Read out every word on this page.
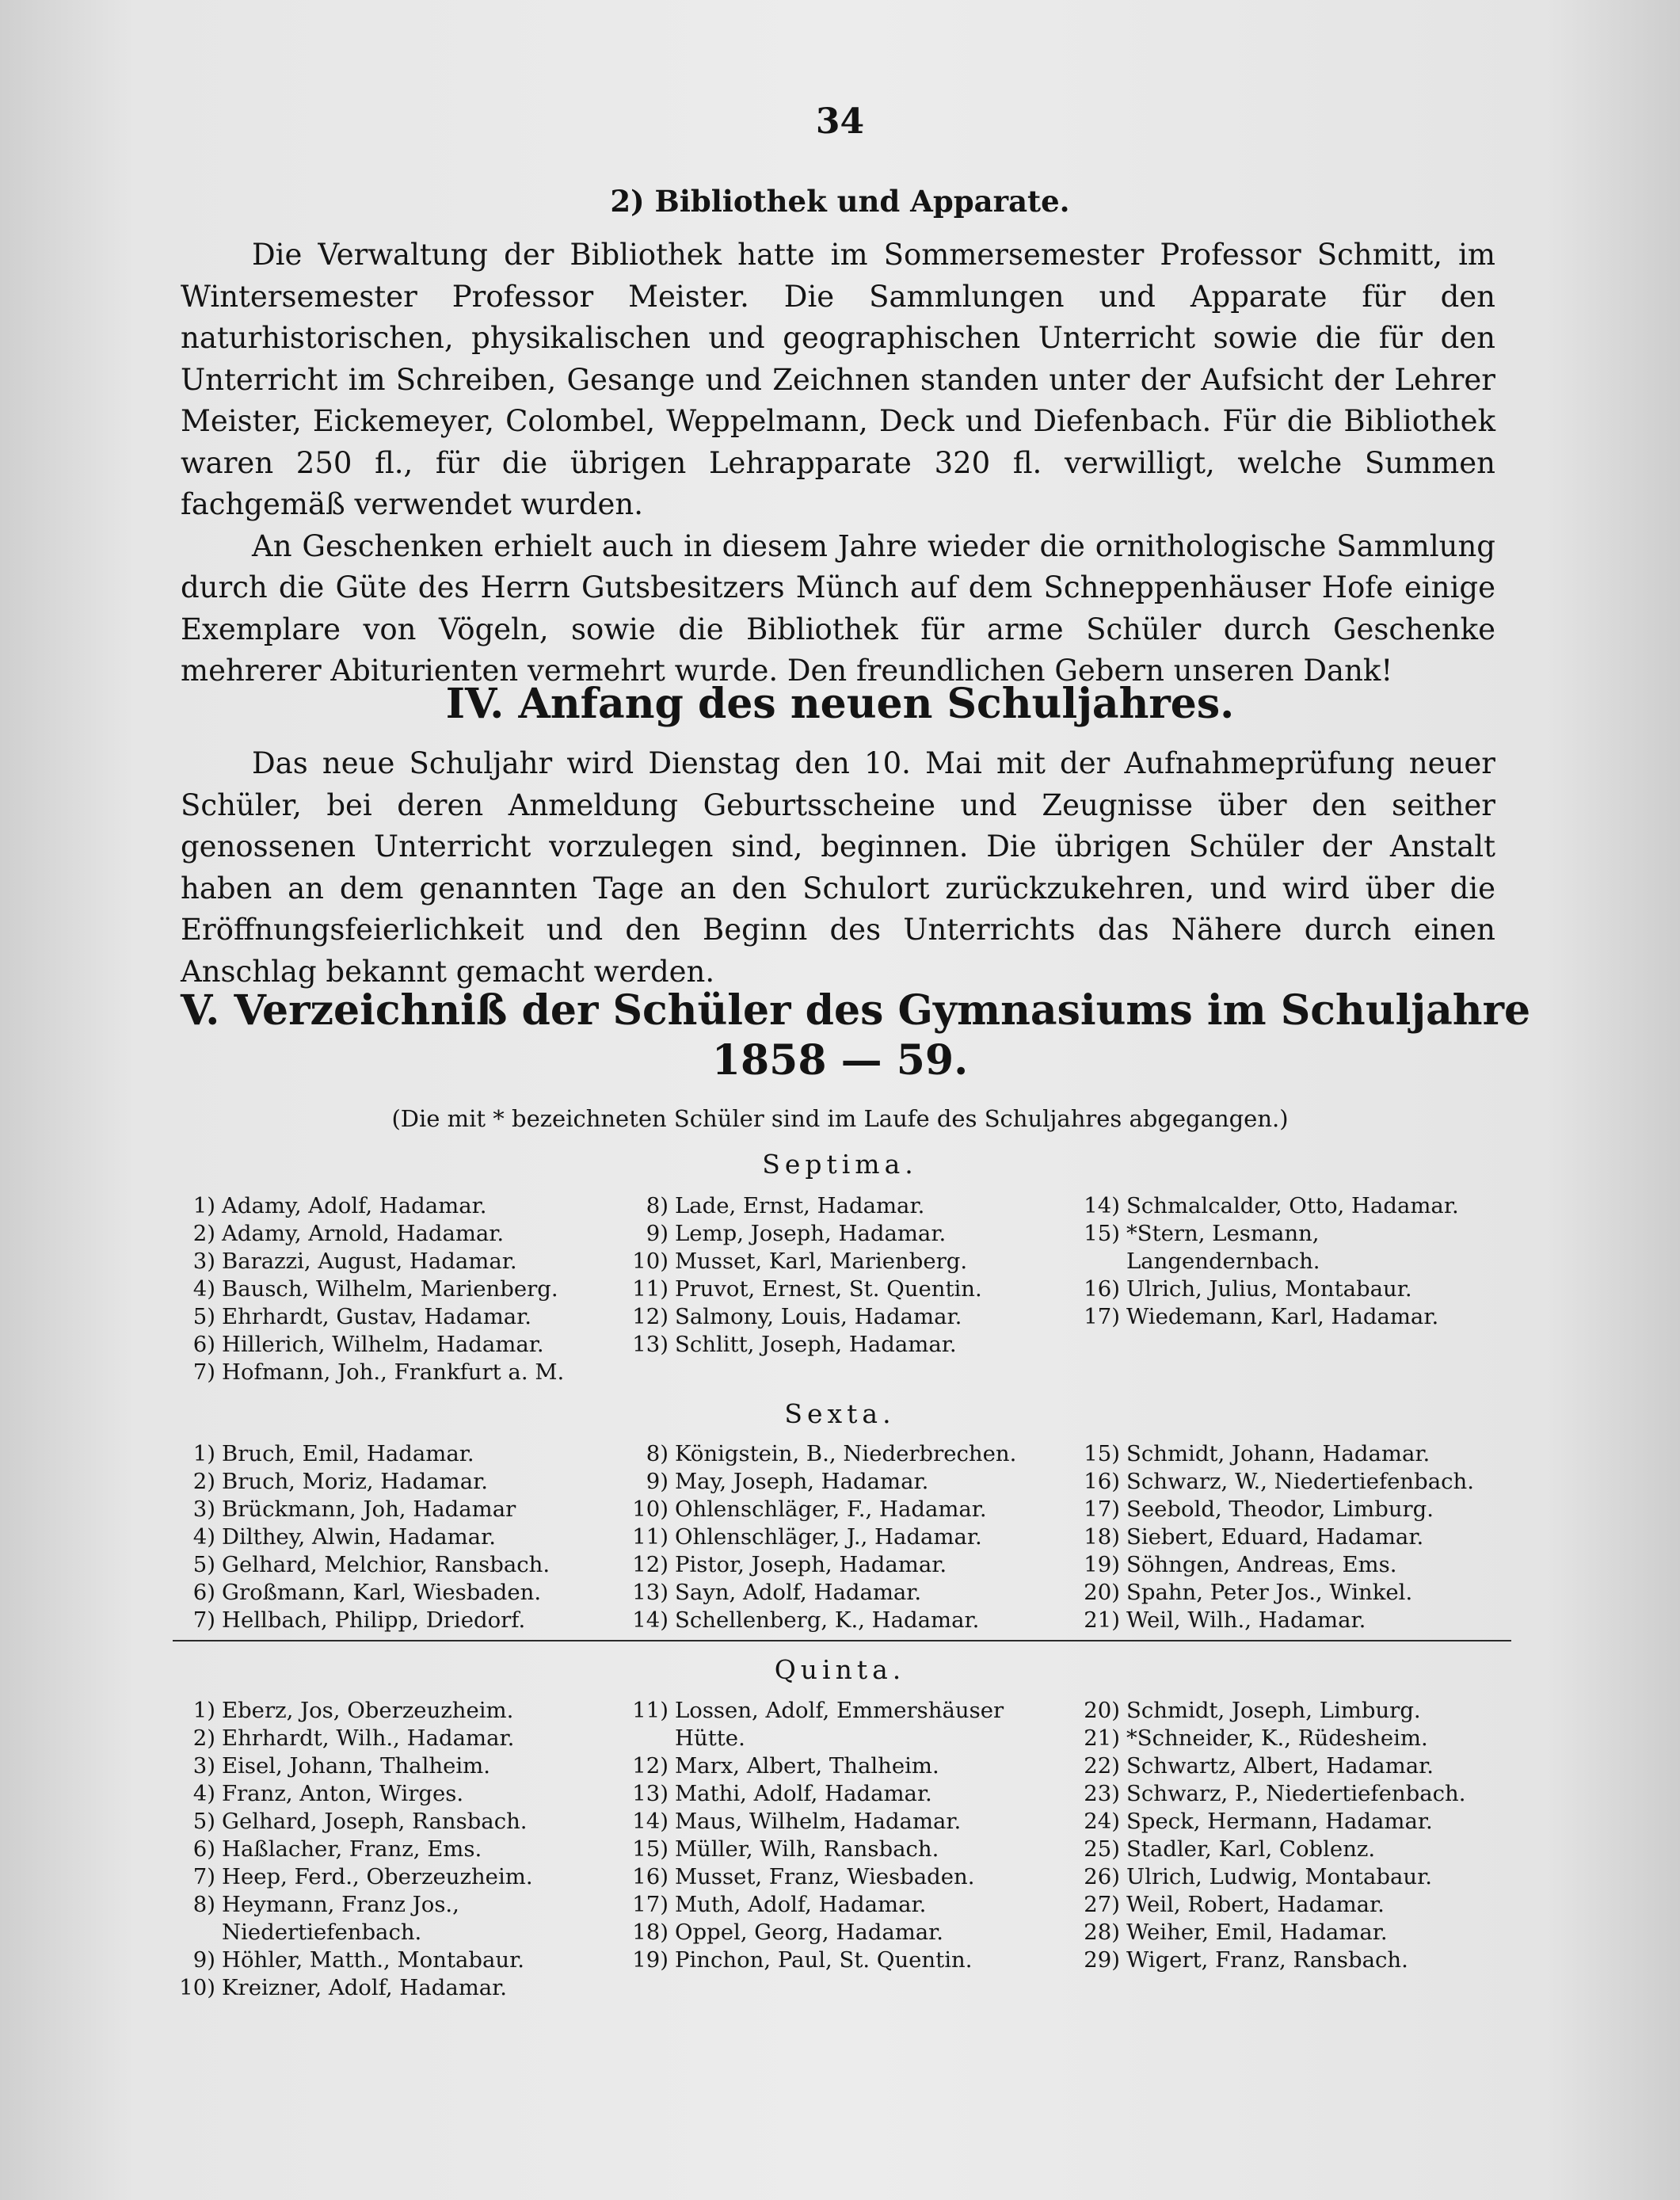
34
2) Bibliothek und Apparate.

Die Verwaltung der Bibliothek hatte im Sommersemester Professor Schmitt, im Wintersemester Professor Meister. Die Sammlungen und Apparate für den naturhistorischen, physikalischen und geographischen Unterricht sowie die für den Unterricht im Schreiben, Gesange und Zeichnen standen unter der Aufsicht der Lehrer Meister, Eickemeyer, Colombel, Weppelmann, Deck und Diefenbach. Für die Bibliothek waren 250 fl., für die übrigen Lehrapparate 320 fl. verwilligt, welche Summen fachgemäß verwendet wurden.

An Geschenken erhielt auch in diesem Jahre wieder die ornithologische Sammlung durch die Güte des Herrn Gutsbesitzers Münch auf dem Schneppenhäuser Hofe einige Exemplare von Vögeln, sowie die Bibliothek für arme Schüler durch Geschenke mehrerer Abiturienten vermehrt wurde. Den freundlichen Gebern unseren Dank!

IV. Anfang des neuen Schuljahres.

Das neue Schuljahr wird Dienstag den 10. Mai mit der Aufnahmeprüfung neuer Schüler, bei deren Anmeldung Geburtsscheine und Zeugnisse über den seither genossenen Unterricht vorzulegen sind, beginnen. Die übrigen Schüler der Anstalt haben an dem genannten Tage an den Schulort zurückzukehren, und wird über die Eröffnungsfeierlichkeit und den Beginn des Unterrichts das Nähere durch einen Anschlag bekannt gemacht werden.

V. Verzeichniß der Schüler des Gymnasiums im Schuljahre
1858 — 59.
(Die mit * bezeichneten Schüler sind im Laufe des Schuljahres abgegangen.)
Septima.
1) Adamy, Adolf, Hadamar.
2) Adamy, Arnold, Hadamar.
3) Barazzi, August, Hadamar.
4) Bausch, Wilhelm, Marienberg.
5) Ehrhardt, Gustav, Hadamar.
6) Hillerich, Wilhelm, Hadamar.
7) Hofmann, Joh., Frankfurt a. M.
8) Lade, Ernst, Hadamar.
9) Lemp, Joseph, Hadamar.
10) Musset, Karl, Marienberg.
11) Pruvot, Ernest, St. Quentin.
12) Salmony, Louis, Hadamar.
13) Schlitt, Joseph, Hadamar.
14) Schmalcalder, Otto, Hadamar.
15) *Stern, Lesmann, Langendernbach.
16) Ulrich, Julius, Montabaur.
17) Wiedemann, Karl, Hadamar.
Sexta.
1) Bruch, Emil, Hadamar.
2) Bruch, Moriz, Hadamar.
3) Brückmann, Joh, Hadamar
4) Dilthey, Alwin, Hadamar.
5) Gelhard, Melchior, Ransbach.
6) Großmann, Karl, Wiesbaden.
7) Hellbach, Philipp, Driedorf.
8) Königstein, B., Niederbrechen.
9) May, Joseph, Hadamar.
10) Ohlenschläger, F., Hadamar.
11) Ohlenschläger, J., Hadamar.
12) Pistor, Joseph, Hadamar.
13) Sayn, Adolf, Hadamar.
14) Schellenberg, K., Hadamar.
15) Schmidt, Johann, Hadamar.
16) Schwarz, W., Niedertiefenbach.
17) Seebold, Theodor, Limburg.
18) Siebert, Eduard, Hadamar.
19) Söhngen, Andreas, Ems.
20) Spahn, Peter Jos., Winkel.
21) Weil, Wilh., Hadamar.
Quinta.
1) Eberz, Jos, Oberzeuzheim.
2) Ehrhardt, Wilh., Hadamar.
3) Eisel, Johann, Thalheim.
4) Franz, Anton, Wirges.
5) Gelhard, Joseph, Ransbach.
6) Haßlacher, Franz, Ems.
7) Heep, Ferd., Oberzeuzheim.
8) Heymann, Franz Jos., Niedertiefenbach.
9) Höhler, Matth., Montabaur.
10) Kreizner, Adolf, Hadamar.
11) Lossen, Adolf, Emmershäuser Hütte.
12) Marx, Albert, Thalheim.
13) Mathi, Adolf, Hadamar.
14) Maus, Wilhelm, Hadamar.
15) Müller, Wilh, Ransbach.
16) Musset, Franz, Wiesbaden.
17) Muth, Adolf, Hadamar.
18) Oppel, Georg, Hadamar.
19) Pinchon, Paul, St. Quentin.
20) Schmidt, Joseph, Limburg.
21) *Schneider, K., Rüdesheim.
22) Schwartz, Albert, Hadamar.
23) Schwarz, P., Niedertiefenbach.
24) Speck, Hermann, Hadamar.
25) Stadler, Karl, Coblenz.
26) Ulrich, Ludwig, Montabaur.
27) Weil, Robert, Hadamar.
28) Weiher, Emil, Hadamar.
29) Wigert, Franz, Ransbach.
